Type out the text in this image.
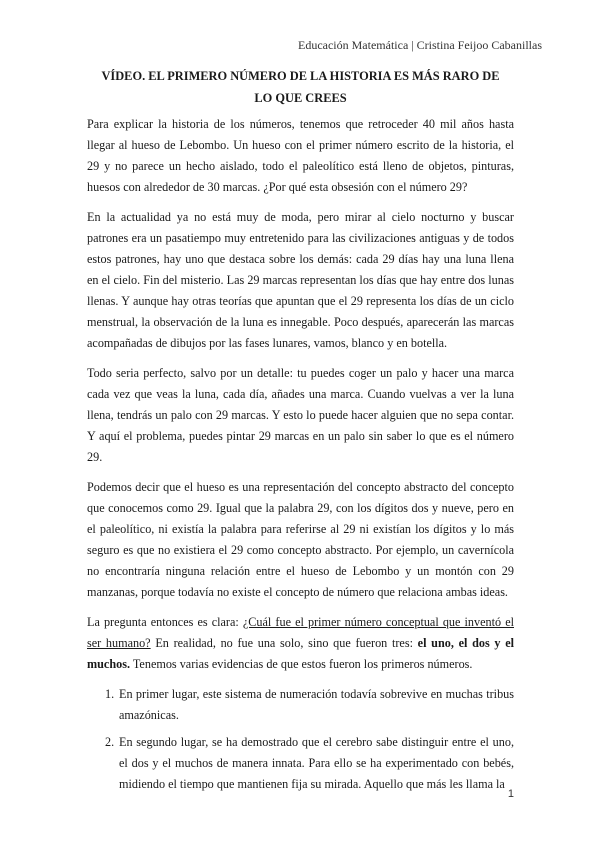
Educación Matemática | Cristina Feijoo Cabanillas
VÍDEO. EL PRIMERO NÚMERO DE LA HISTORIA ES MÁS RARO DE LO QUE CREES

Para explicar la historia de los números, tenemos que retroceder 40 mil años hasta llegar al hueso de Lebombo. Un hueso con el primer número escrito de la historia, el 29 y no parece un hecho aislado, todo el paleolítico está lleno de objetos, pinturas, huesos con alrededor de 30 marcas. ¿Por qué esta obsesión con el número 29?

En la actualidad ya no está muy de moda, pero mirar al cielo nocturno y buscar patrones era un pasatiempo muy entretenido para las civilizaciones antiguas y de todos estos patrones, hay uno que destaca sobre los demás: cada 29 días hay una luna llena en el cielo. Fin del misterio. Las 29 marcas representan los días que hay entre dos lunas llenas. Y aunque hay otras teorías que apuntan que el 29 representa los días de un ciclo menstrual, la observación de la luna es innegable. Poco después, aparecerán las marcas acompañadas de dibujos por las fases lunares, vamos, blanco y en botella.

Todo seria perfecto, salvo por un detalle: tu puedes coger un palo y hacer una marca cada vez que veas la luna, cada día, añades una marca. Cuando vuelvas a ver la luna llena, tendrás un palo con 29 marcas. Y esto lo puede hacer alguien que no sepa contar. Y aquí el problema, puedes pintar 29 marcas en un palo sin saber lo que es el número 29.

Podemos decir que el hueso es una representación del concepto abstracto del concepto que conocemos como 29. Igual que la palabra 29, con los dígitos dos y nueve, pero en el paleolítico, ni existía la palabra para referirse al 29 ni existían los dígitos y lo más seguro es que no existiera el 29 como concepto abstracto. Por ejemplo, un cavernícola no encontraría ninguna relación entre el hueso de Lebombo y un montón con 29 manzanas, porque todavía no existe el concepto de número que relaciona ambas ideas.

La pregunta entonces es clara: ¿Cuál fue el primer número conceptual que inventó el ser humano? En realidad, no fue una solo, sino que fueron tres: el uno, el dos y el muchos. Tenemos varias evidencias de que estos fueron los primeros números.

1. En primer lugar, este sistema de numeración todavía sobrevive en muchas tribus amazónicas.
2. En segundo lugar, se ha demostrado que el cerebro sabe distinguir entre el uno, el dos y el muchos de manera innata. Para ello se ha experimentado con bebés, midiendo el tiempo que mantienen fija su mirada. Aquello que más les llama la
1
